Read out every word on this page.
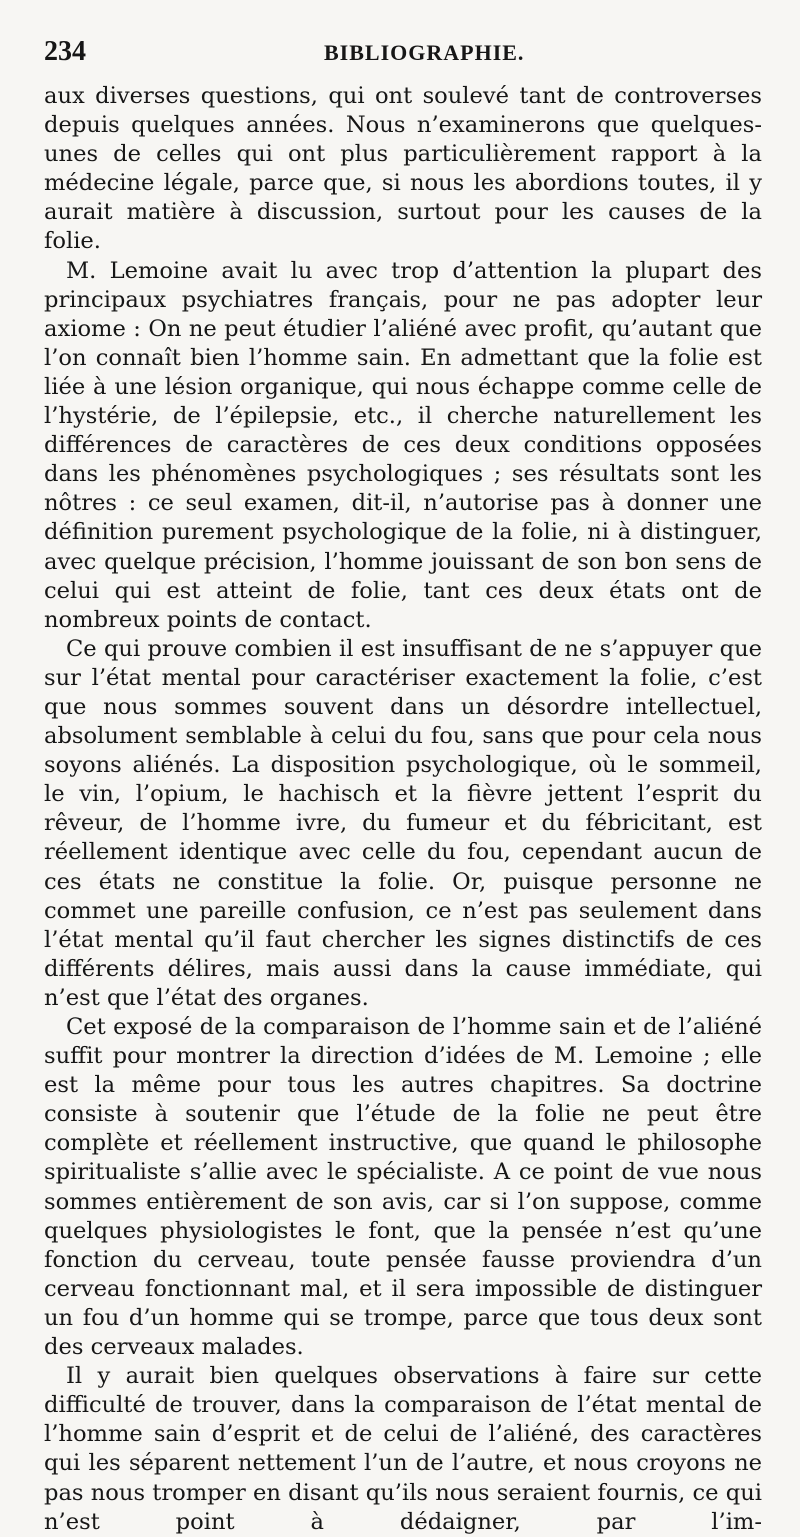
234	BIBLIOGRAPHIE.

aux diverses questions, qui ont soulevé tant de controverses depuis quelques années. Nous n’examinerons que quelques-unes de celles qui ont plus particulièrement rapport à la médecine légale, parce que, si nous les abordions toutes, il y aurait matière à discussion, surtout pour les causes de la folie.

M. Lemoine avait lu avec trop d’attention la plupart des principaux psychiatres français, pour ne pas adopter leur axiome : On ne peut étudier l’aliéné avec profit, qu’autant que l’on connaît bien l’homme sain. En admettant que la folie est liée à une lésion organique, qui nous échappe comme celle de l’hystérie, de l’épilepsie, etc., il cherche naturellement les différences de caractères de ces deux conditions opposées dans les phénomènes psychologiques ; ses résultats sont les nôtres : ce seul examen, dit-il, n’autorise pas à donner une définition purement psychologique de la folie, ni à distinguer, avec quelque précision, l’homme jouissant de son bon sens de celui qui est atteint de folie, tant ces deux états ont de nombreux points de contact.

Ce qui prouve combien il est insuffisant de ne s’appuyer que sur l’état mental pour caractériser exactement la folie, c’est que nous sommes souvent dans un désordre intellectuel, absolument semblable à celui du fou, sans que pour cela nous soyons aliénés. La disposition psychologique, où le sommeil, le vin, l’opium, le hachisch et la fièvre jettent l’esprit du rêveur, de l’homme ivre, du fumeur et du fébricitant, est réellement identique avec celle du fou, cependant aucun de ces états ne constitue la folie. Or, puisque personne ne commet une pareille confusion, ce n’est pas seulement dans l’état mental qu’il faut chercher les signes distinctifs de ces différents délires, mais aussi dans la cause immédiate, qui n’est que l’état des organes.

Cet exposé de la comparaison de l’homme sain et de l’aliéné suffit pour montrer la direction d’idées de M. Lemoine ; elle est la même pour tous les autres chapitres. Sa doctrine consiste à soutenir que l’étude de la folie ne peut être complète et réellement instructive, que quand le philosophe spiritualiste s’allie avec le spécialiste. A ce point de vue nous sommes entièrement de son avis, car si l’on suppose, comme quelques physiologistes le font, que la pensée n’est qu’une fonction du cerveau, toute pensée fausse proviendra d’un cerveau fonctionnant mal, et il sera impossible de distinguer un fou d’un homme qui se trompe, parce que tous deux sont des cerveaux malades.

Il y aurait bien quelques observations à faire sur cette difficulté de trouver, dans la comparaison de l’état mental de l’homme sain d’esprit et de celui de l’aliéné, des caractères qui les séparent nettement l’un de l’autre, et nous croyons ne pas nous tromper en disant qu’ils nous seraient fournis, ce qui n’est point à dédaigner, par l’im-
